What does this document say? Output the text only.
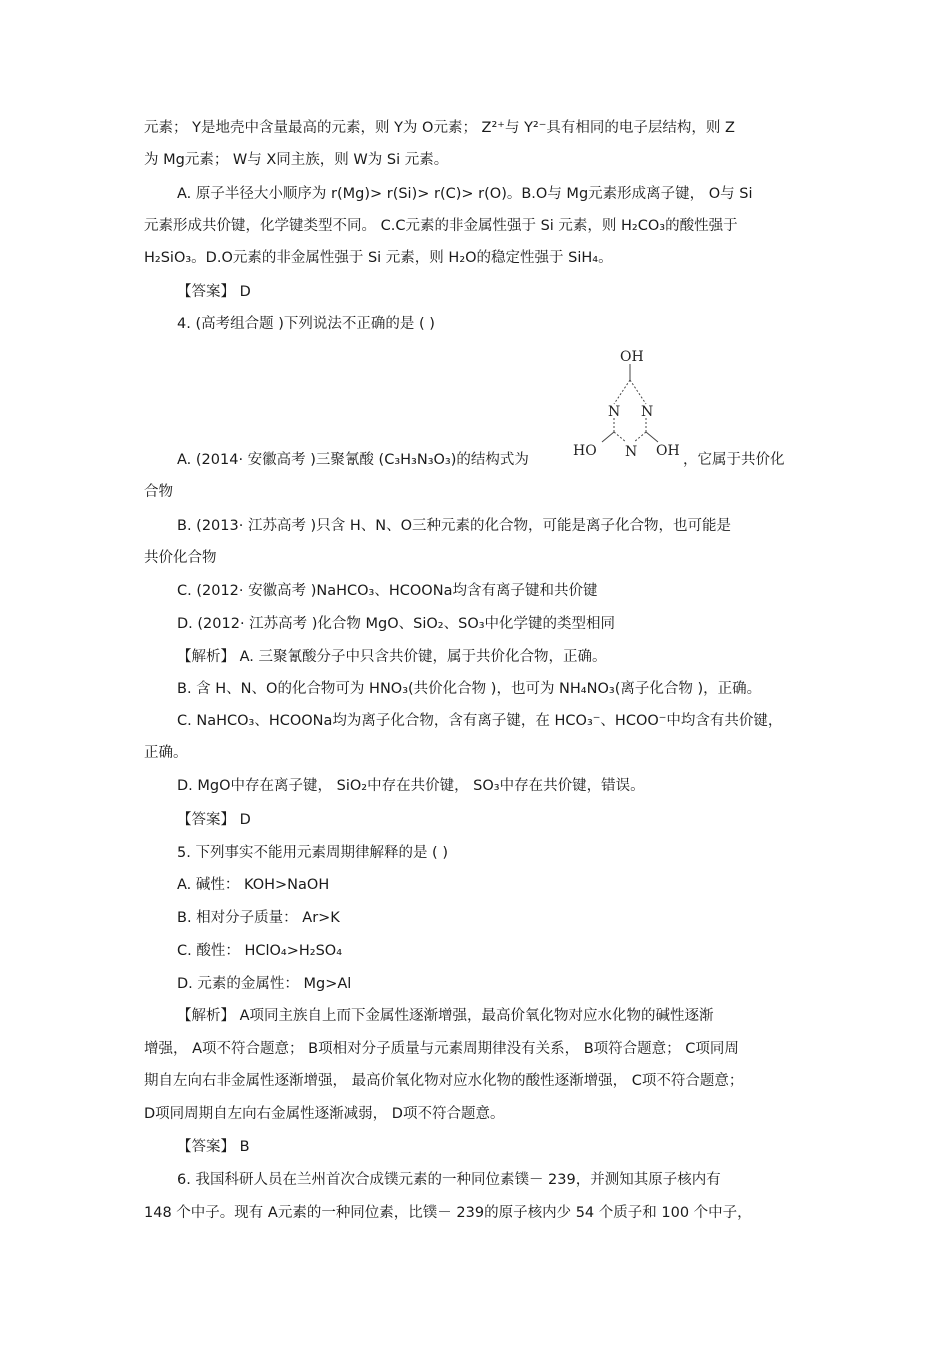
元素； Y是地壳中含量最高的元素，则 Y为 O元素； Z²⁺与 Y²⁻具有相同的电子层结构，则 Z
为 Mg元素； W与 X同主族，则 W为 Si 元素。
A. 原子半径大小顺序为 r(Mg)> r(Si)> r(C)> r(O)。B.O与 Mg元素形成离子键， O与 Si
元素形成共价键，化学键类型不同。 C.C元素的非金属性强于 Si 元素，则 H₂CO₃的酸性强于
H₂SiO₃。D.O元素的非金属性强于 Si 元素，则 H₂O的稳定性强于 SiH₄。
【答案】 D
4. (高考组合题 )下列说法不正确的是 ( )
OH
N N
N
HO	OH
A. (2014· 安徽高考 )三聚氰酸 (C₃H₃N₃O₃)的结构式为	，它属于共价化
合物
B. (2013· 江苏高考 )只含 H、N、O三种元素的化合物，可能是离子化合物，也可能是
共价化合物
C. (2012· 安徽高考 )NaHCO₃、HCOONa均含有离子键和共价键
D. (2012· 江苏高考 )化合物 MgO、SiO₂、SO₃中化学键的类型相同
【解析】 A. 三聚氰酸分子中只含共价键，属于共价化合物，正确。
B. 含 H、N、O的化合物可为 HNO₃(共价化合物 )，也可为 NH₄NO₃(离子化合物 )，正确。
C. NaHCO₃、HCOONa均为离子化合物，含有离子键，在 HCO₃⁻、HCOO⁻中均含有共价键，
正确。
D. MgO中存在离子键， SiO₂中存在共价键， SO₃中存在共价键，错误。
【答案】 D
5. 下列事实不能用元素周期律解释的是 ( )
A. 碱性： KOH>NaOH
B. 相对分子质量： Ar>K
C. 酸性： HClO₄>H₂SO₄
D. 元素的金属性： Mg>Al
【解析】 A项同主族自上而下金属性逐渐增强，最高价氧化物对应水化物的碱性逐渐
增强， A项不符合题意； B项相对分子质量与元素周期律没有关系， B项符合题意； C项同周
期自左向右非金属性逐渐增强， 最高价氧化物对应水化物的酸性逐渐增强， C项不符合题意；
D项同周期自左向右金属性逐渐减弱， D项不符合题意。
【答案】 B
6. 我国科研人员在兰州首次合成镤元素的一种同位素镤－ 239，并测知其原子核内有
148 个中子。现有 A元素的一种同位素，比镤－ 239的原子核内少 54 个质子和 100 个中子，
